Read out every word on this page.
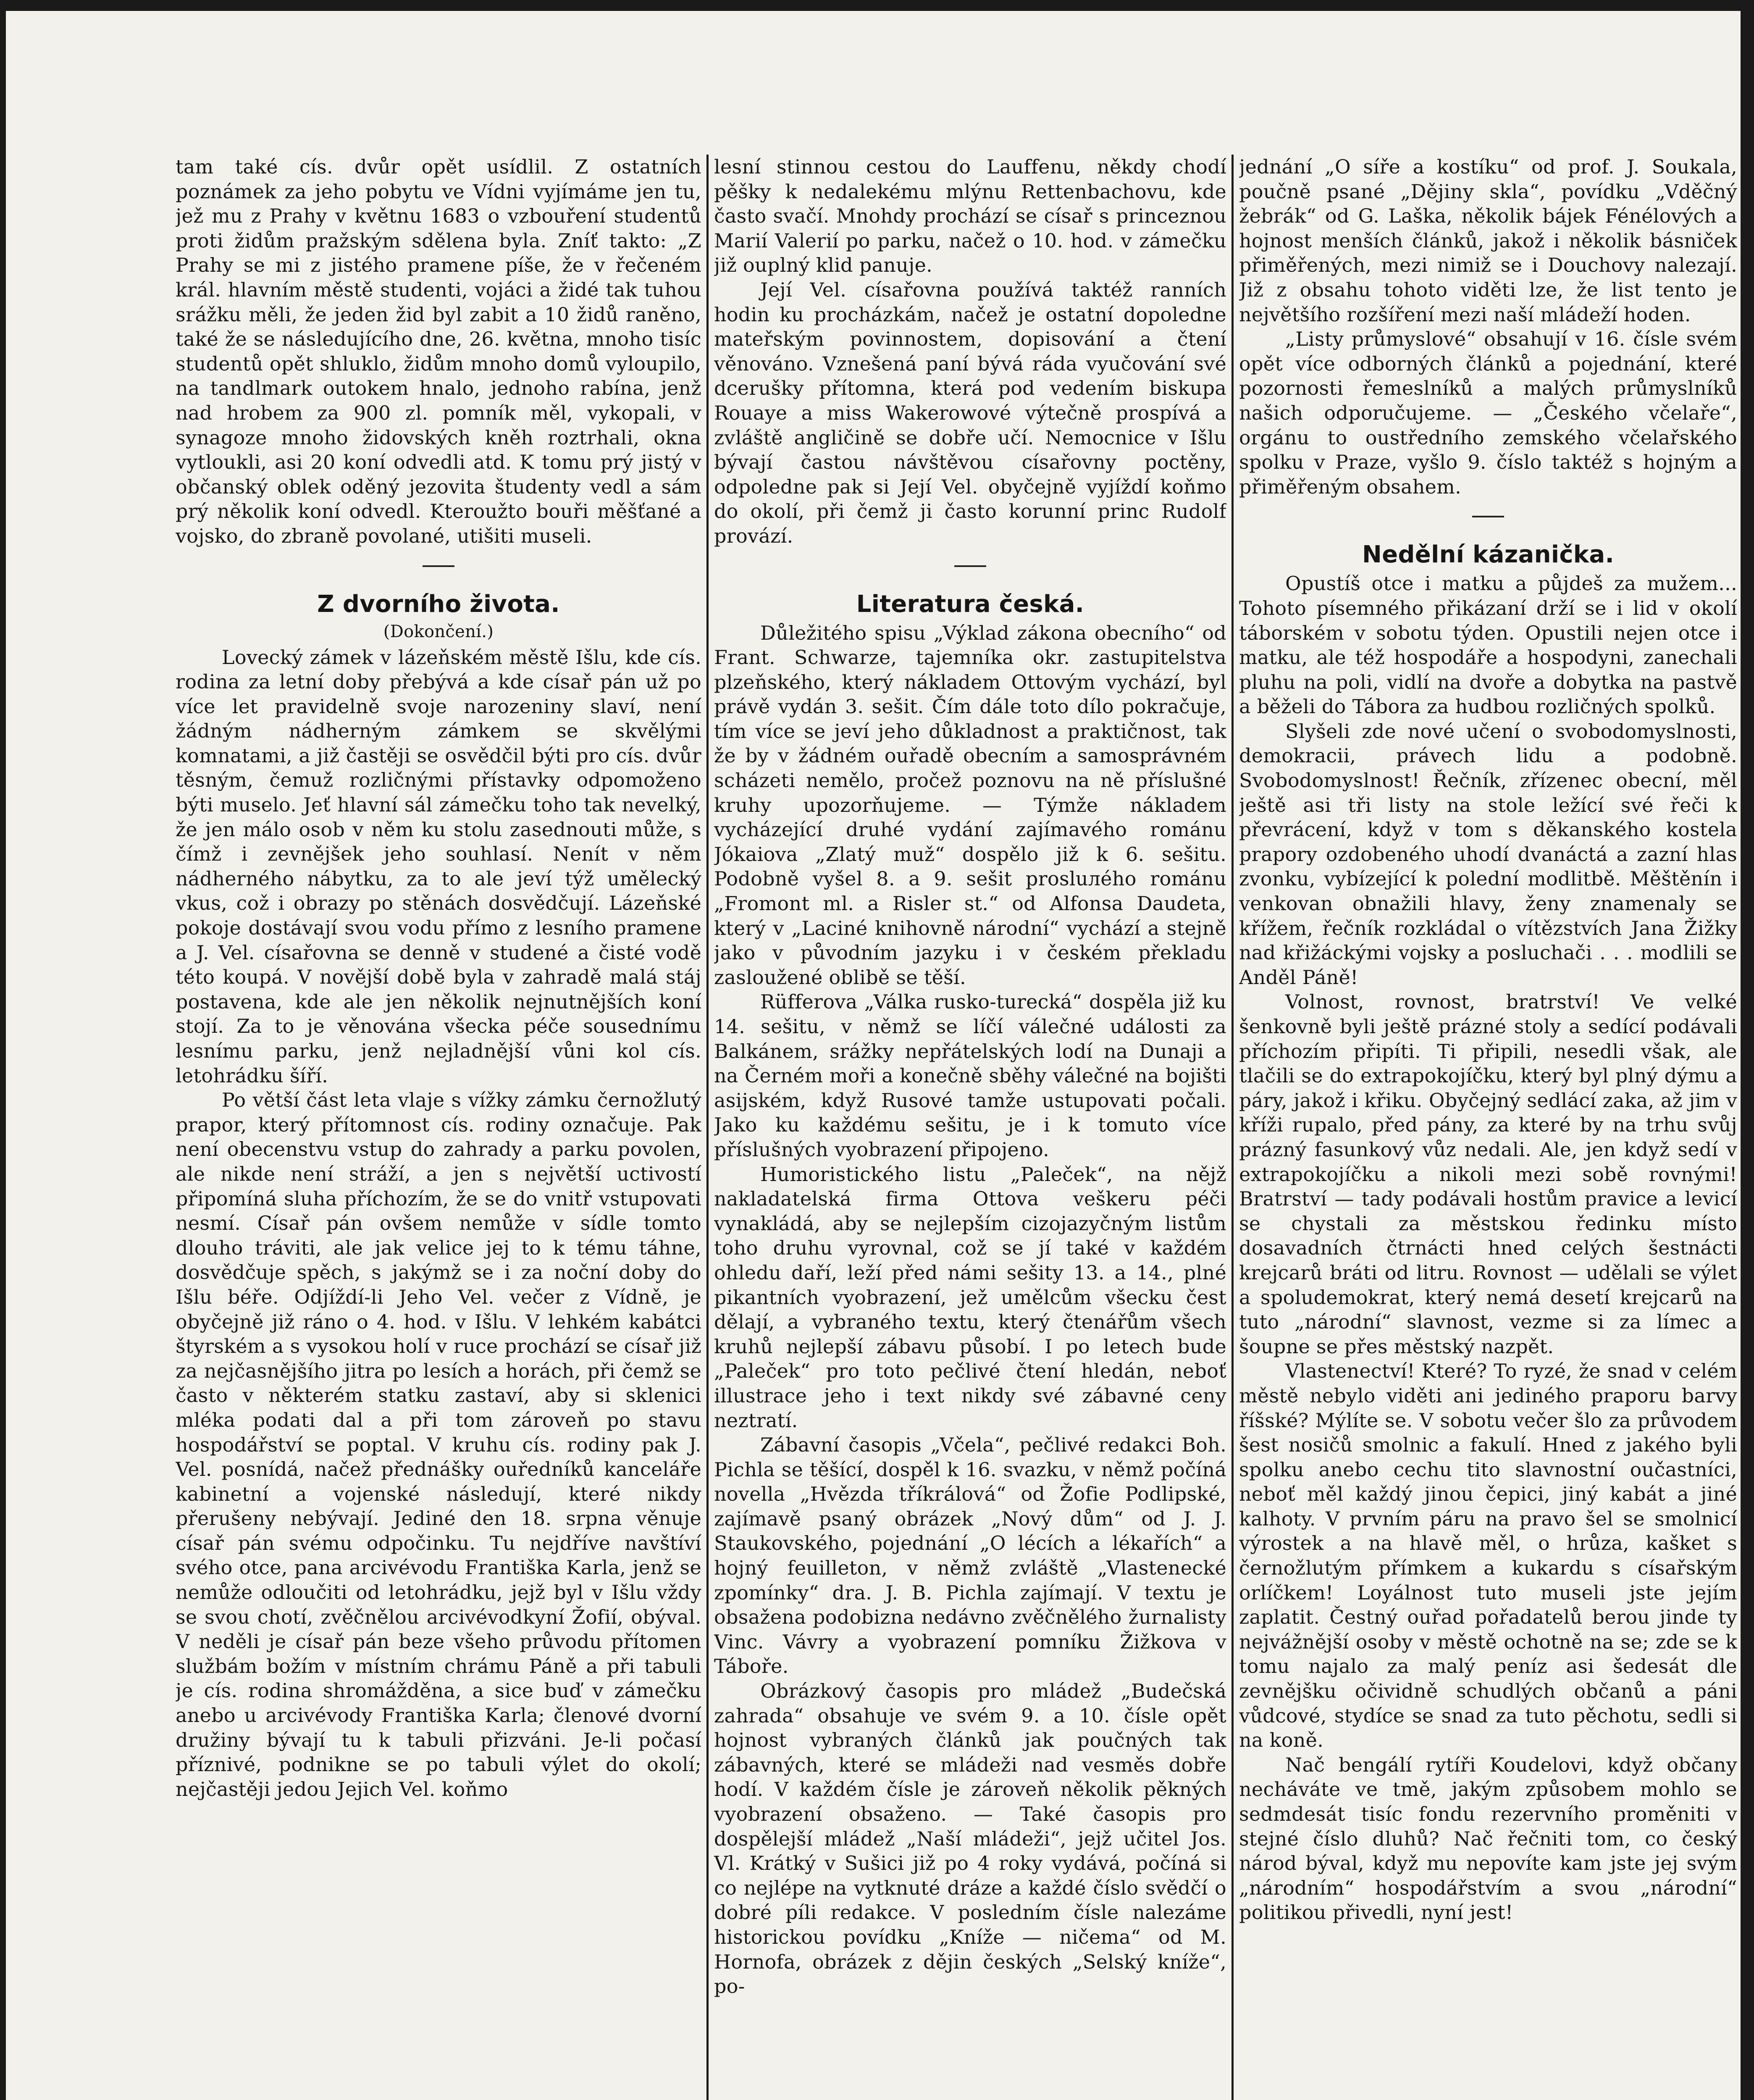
tam také cís. dvůr opět usídlil. Z ostatních poznámek za jeho pobytu ve Vídni vyjímáme jen tu, jež mu z Prahy v květnu 1683 o vzbouření studentů proti židům pražským sdělena byla. Zníť takto: „Z Prahy se mi z jistého pramene píše, že v řečeném král. hlavním městě studenti, vojáci a židé tak tuhou srážku měli, že jeden žid byl zabit a 10 židů raněno, také že se následujícího dne, 26. května, mnoho tisíc studentů opět shluklo, židům mnoho domů vyloupilo, na tandlmark outokem hnalo, jednoho rabína, jenž nad hrobem za 900 zl. pomník měl, vykopali, v synagoze mnoho židovských kněh roztrhali, okna vytloukli, asi 20 koní odvedli atd. K tomu prý jistý v občanský oblek oděný jezovita študenty vedl a sám prý několik koní odvedl. Kteroužto bouři měšťané a vojsko, do zbraně povolané, utišiti museli.

Z dvorního života.
(Dokončení.)

Lovecký zámek v lázeňském městě Išlu, kde cís. rodina za letní doby přebývá a kde císař pán už po více let pravidelně svoje narozeniny slaví, není žádným nádherným zámkem se skvělými komnatami, a již častěji se osvědčil býti pro cís. dvůr těsným, čemuž rozličnými přístavky odpomoženo býti muselo. Jeť hlavní sál zámečku toho tak nevelký, že jen málo osob v něm ku stolu zasednouti může, s čímž i zevnějšek jeho souhlasí. Nenít v něm nádherného nábytku, za to ale jeví týž umělecký vkus, což i obrazy po stěnách dosvědčují. Lázeňské pokoje dostávají svou vodu přímo z lesního pramene a J. Vel. císařovna se denně v studené a čisté vodě této koupá. V novější době byla v zahradě malá stáj postavena, kde ale jen několik nejnutnějších koní stojí. Za to je věnována všecka péče sousednímu lesnímu parku, jenž nejladnější vůni kol cís. letohrádku šíří.

Po větší část leta vlaje s vížky zámku černožlutý prapor, který přítomnost cís. rodiny označuje. Pak není obecenstvu vstup do zahrady a parku povolen, ale nikde není stráží, a jen s největší uctivostí připomíná sluha příchozím, že se do vnitř vstupovati nesmí. Císař pán ovšem nemůže v sídle tomto dlouho tráviti, ale jak velice jej to k tému táhne, dosvědčuje spěch, s jakýmž se i za noční doby do Išlu béře. Odjíždí-li Jeho Vel. večer z Vídně, je obyčejně již ráno o 4. hod. v Išlu. V lehkém kabátci štyrském a s vysokou holí v ruce prochází se císař již za nejčasnějšího jitra po lesích a horách, při čemž se často v některém statku zastaví, aby si sklenici mléka podati dal a při tom zároveň po stavu hospodářství se poptal. V kruhu cís. rodiny pak J. Vel. posnídá, načež přednášky ouředníků kanceláře kabinetní a vojenské následují, které nikdy přerušeny nebývají. Jediné den 18. srpna věnuje císař pán svému odpočinku. Tu nejdříve navštíví svého otce, pana arcivévodu Františka Karla, jenž se nemůže odloučiti od letohrádku, jejž byl v Išlu vždy se svou chotí, zvěčnělou arcivévodkyní Žofií, obýval. V neděli je císař pán beze všeho průvodu přítomen službám božím v místním chrámu Páně a při tabuli je cís. rodina shromážděna, a sice buď v zámečku anebo u arcivévody Františka Karla; členové dvorní družiny bývají tu k tabuli přizváni. Je-li počasí příznivé, podnikne se po tabuli výlet do okolí; nejčastěji jedou Jejich Vel. koňmo

lesní stinnou cestou do Lauffenu, někdy chodí pěšky k nedalekému mlýnu Rettenbachovu, kde často svačí. Mnohdy prochází se císař s princeznou Marií Valerií po parku, načež o 10. hod. v zámečku již ouplný klid panuje.

Její Vel. císařovna používá taktéž ranních hodin ku procházkám, načež je ostatní dopoledne mateřským povinnostem, dopisování a čtení věnováno. Vznešená paní bývá ráda vyučování své dcerušky přítomna, která pod vedením biskupa Rouaye a miss Wakerowové výtečně prospívá a zvláště angličině se dobře učí. Nemocnice v Išlu bývají častou návštěvou císařovny poctěny, odpoledne pak si Její Vel. obyčejně vyjíždí koňmo do okolí, při čemž ji často korunní princ Rudolf provází.

Literatura česká.

Důležitého spisu „Výklad zákona obecního“ od Frant. Schwarze, tajemníka okr. zastupitelstva plzeňského, který nákladem Ottovým vychází, byl právě vydán 3. sešit. Čím dále toto dílo pokračuje, tím více se jeví jeho důkladnost a praktičnost, tak že by v žádném ouřadě obecním a samosprávném scházeti nemělo, pročež poznovu na ně příslušné kruhy upozorňujeme. — Týmže nákladem vycházející druhé vydání zajímavého románu Jókaiova „Zlatý muž“ dospělo již k 6. sešitu. Podobně vyšel 8. a 9. sešit prosluлého románu „Fromont ml. a Risler st.“ od Alfonsa Daudeta, který v „Laciné knihovně národní“ vychází a stejně jako v původním jazyku i v českém překladu zasloužené oblibě se těší.

Rüfferova „Válka rusko-turecká“ dospěla již ku 14. sešitu, v němž se líčí válečné události za Balkánem, srážky nepřátelských lodí na Dunaji a na Černém moři a konečně sběhy válečné na bojišti asijském, když Rusové tamže ustupovati počali. Jako ku každému sešitu, je i k tomuto více příslušných vyobrazení připojeno.

Humoristického listu „Paleček“, na nějž nakladatelská firma Ottova veškeru péči vynakládá, aby se nejlepším cizojazyčným listům toho druhu vyrovnal, což se jí také v každém ohledu daří, leží před námi sešity 13. a 14., plné pikantních vyobrazení, jež umělcům všecku čest dělají, a vybraného textu, který čtenářům všech kruhů nejlepší zábavu působí. I po letech bude „Paleček“ pro toto pečlivé čtení hledán, neboť illustrace jeho i text nikdy své zábavné ceny neztratí.

Zábavní časopis „Včela“, pečlivé redakci Boh. Pichla se těšící, dospěl k 16. svazku, v němž počíná novella „Hvězda tříkrálová“ od Žofie Podlipské, zajímavě psaný obrázek „Nový dům“ od J. J. Staukovského, pojednání „O lécích a lékařích“ a hojný feuilleton, v němž zvláště „Vlastenecké zpomínky“ dra. J. B. Pichla zajímají. V textu je obsažena podobizna nedávno zvěčnělého žurnalisty Vinc. Vávry a vyobrazení pomníku Žižkova v Táboře.

Obrázkový časopis pro mládež „Budečská zahrada“ obsahuje ve svém 9. a 10. čísle opět hojnost vybraných článků jak poučných tak zábavných, které se mládeži nad vesměs dobře hodí. V každém čísle je zároveň několik pěkných vyobrazení obsaženo. — Také časopis pro dospělejší mládež „Naší mládeži“, jejž učitel Jos. Vl. Krátký v Sušici již po 4 roky vydává, počíná si co nejlépe na vytknuté dráze a každé číslo svědčí o dobré píli redakce. V posledním čísle nalezáme historickou povídku „Kníže — ničema“ od M. Hornofa, obrázek z dějin českých „Selský kníže“, po-

jednání „O síře a kostíku“ od prof. J. Soukala, poučně psané „Dějiny skla“, povídku „Vděčný žebrák“ od G. Laška, několik bájek Fénélových a hojnost menších článků, jakož i několik básniček přiměřených, mezi nimiž se i Douchovy nalezají. Již z obsahu tohoto viděti lze, že list tento je největšího rozšíření mezi naší mládeží hoden.

„Listy průmyslové“ obsahují v 16. čísle svém opět více odborných článků a pojednání, které pozornosti řemeslníků a malých průmyslníků našich odporučujeme. — „Českého včelaře“, orgánu to oustředního zemského včelařského spolku v Praze, vyšlo 9. číslo taktéž s hojným a přiměřeným obsahem.

Nedělní kázanička.

Opustíš otce i matku a půjdeš za mužem... Tohoto písemného přikázaní drží se i lid v okolí táborském v sobotu týden. Opustili nejen otce i matku, ale též hospodáře a hospodyni, zanechali pluhu na poli, vidlí na dvoře a dobytka na pastvě a běželi do Tábora za hudbou rozličných spolků.

Slyšeli zde nové učení o svobodomyslnosti, demokracii, právech lidu a podobně. Svobodomyslnost! Řečník, zřízenec obecní, měl ještě asi tři listy na stole ležící své řeči k převrácení, když v tom s děkanského kostela prapory ozdobeného uhodí dvanáctá a zazní hlas zvonku, vybízející k polední modlitbě. Měštěnín i venkovan obnažili hlavy, ženy znamenaly se křížem, řečník rozkládal o vítězstvích Jana Žižky nad křižáckými vojsky a posluchači . . . modlili se Anděl Páně!

Volnost, rovnost, bratrství! Ve velké šenkovně byli ještě prázné stoly a sedící podávali příchozím připíti. Ti připili, nesedli však, ale tlačili se do extrapokojíčku, který byl plný dýmu a páry, jakož i křiku. Obyčejný sedlácí zaka, až jim v kříži rupalo, před pány, za které by na trhu svůj prázný fasunkový vůz nedali. Ale, jen když sedí v extrapokojíčku a nikoli mezi sobě rovnými! Bratrství — tady podávali hostům pravice a levicí se chystali za městskou ředinku místo dosavadních čtrnácti hned celých šestnácti krejcarů bráti od litru. Rovnost — udělali se výlet a spoludemokrat, který nemá desetí krejcarů na tuto „národní“ slavnost, vezme si za límec a šoupne se přes městský nazpět.

Vlastenectví! Které? To ryzé, že snad v celém městě nebylo viděti ani jediného praporu barvy říšské? Mýlíte se. V sobotu večer šlo za průvodem šest nosičů smolnic a fakulí. Hned z jakého byli spolku anebo cechu tito slavnostní oučastníci, neboť měl každý jinou čepici, jiný kabát a jiné kalhoty. V prvním páru na pravo šel se smolnicí výrostek a na hlavě měl, o hrůza, kašket s černožlutým přímkem a kukardu s císařským orlíčkem! Loyálnost tuto museli jste jejím zaplatit. Čestný ouřad pořadatelů berou jinde ty nejvážnější osoby v městě ochotně na se; zde se k tomu najalo za malý peníz asi šedesát dle zevnějšku očividně schudlých občanů a páni vůdcové, stydíce se snad za tuto pěchotu, sedli si na koně.

Nač bengálí rytíři Koudelovi, když občany necháváte ve tmě, jakým způsobem mohlo se sedmdesát tisíc fondu rezervního proměniti v stejné číslo dluhů? Nač řečniti tom, co český národ býval, když mu nepovíte kam jste jej svým „národním“ hospodářstvím a svou „národní“ politikou přivedli, nyní jest!
